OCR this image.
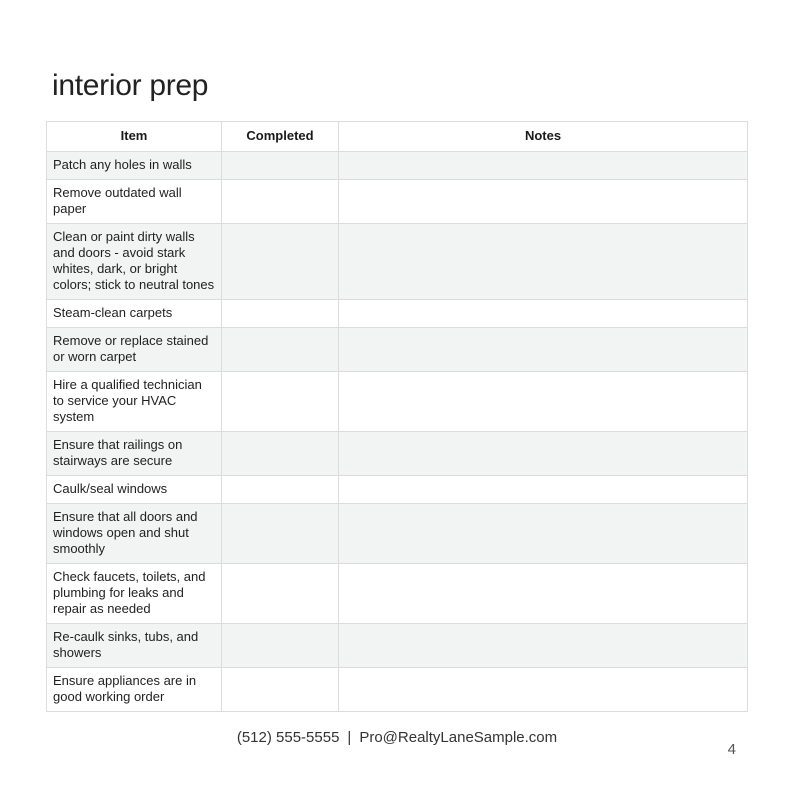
interior prep
Item	Completed	Notes
Patch any holes in walls		
Remove outdated wall paper		
Clean or paint dirty walls and doors - avoid stark whites, dark, or bright colors; stick to neutral tones		
Steam-clean carpets		
Remove or replace stained or worn carpet		
Hire a qualified technician to service your HVAC system		
Ensure that railings on stairways are secure		
Caulk/seal windows		
Ensure that all doors and windows open and shut smoothly		
Check faucets, toilets, and plumbing for leaks and repair as needed		
Re-caulk sinks, tubs, and showers		
Ensure appliances are in good working order		
(512) 555-5555 | Pro@RealtyLaneSample.com
4
